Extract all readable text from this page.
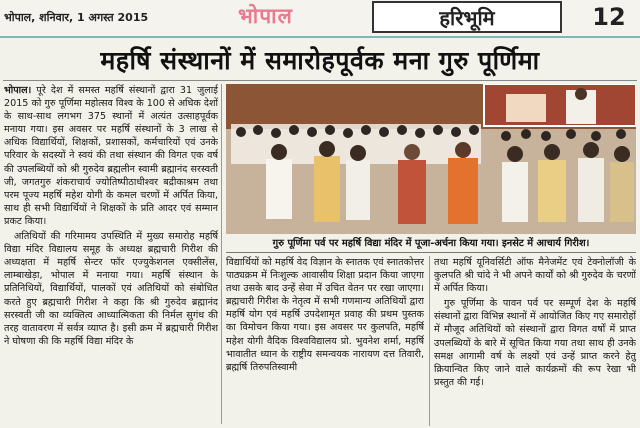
भोपाल, शनिवार, 1 अगस्त 2015	भोपाल	हरिभूमि	12
महर्षि संस्थानों में समारोहपूर्वक मना गुरु पूर्णिमा

भोपाल। पूरे देश में समस्त महर्षि संस्थानों द्वारा 31 जुलाई 2015 को गुरु पूर्णिमा महोत्सव विश्व के 100 से अधिक देशों के साथ-साथ लगभग 375 स्थानों में अत्यंत उत्साहपूर्वक मनाया गया। इस अवसर पर महर्षि संस्थानों के 3 लाख से अधिक विद्यार्थियों, शिक्षकों, प्रशासकों, कर्मचारियों एवं उनके परिवार के सदस्यों ने स्वयं की तथा संस्थान की विगत एक वर्ष की उपलब्धियों को श्री गुरुदेव ब्रह्मलीन स्वामी ब्रह्मानंद सरस्वती जी, जगतगुरु शंकराचार्य ज्योतिष्पीठाधीश्वर बद्रीकाश्रम तथा परम पूज्य महर्षि महेश योगी के कमल चरणों में अर्पित किया, साथ ही सभी विद्यार्थियों ने शिक्षकों के प्रति आदर एवं सम्मान प्रकट किया।

अतिथियों की गरिमामय उपस्थिति में मुख्य समारोह महर्षि विद्या मंदिर विद्यालय समूह के अध्यक्ष ब्रह्मचारी गिरीश की अध्यक्षता में महर्षि सेन्टर फॉर एज्युकेशनल एक्सीलेंस, लाम्बाखेड़ा, भोपाल में मनाया गया। महर्षि संस्थान के प्रतिनिधियों, विद्यार्थियों, पालकों एवं अतिथियों को संबोधित करते हुए ब्रह्मचारी गिरीश ने कहा कि श्री गुरुदेव ब्रह्मानंद सरस्वती जी का व्यक्तित्व आध्यात्मिकता की निर्मल सुगंध की तरह वातावरण में सर्वत्र व्याप्त है। इसी क्रम में ब्रह्मचारी गिरीश ने घोषणा की कि महर्षि विद्या मंदिर के

गुरु पूर्णिमा पर्व पर महर्षि विद्या मंदिर में पूजा-अर्चना किया गया। इनसेट में आचार्य गिरीश।

विद्यार्थियों को महर्षि वेद विज्ञान के स्नातक एवं स्नातकोत्तर पाठ्यक्रम में निःशुल्क आवासीय शिक्षा प्रदान किया जाएगा तथा उसके बाद उन्हें सेवा में उचित वेतन पर रखा जाएगा। ब्रह्मचारी गिरीश के नेतृत्व में सभी गणमान्य अतिथियों द्वारा महर्षि योग एवं महर्षि उपदेशामृत प्रवाह की प्रथम पुस्तक का विमोचन किया गया। इस अवसर पर कुलपति, महर्षि महेश योगी वैदिक विश्वविद्यालय प्रो. भुवनेश शर्मा, महर्षि भावातीत ध्यान के राष्ट्रीय समन्वयक नारायण दत्त तिवारी, ब्रह्मर्षि तिरुपतिस्वामी

तथा महर्षि यूनिवर्सिटी ऑफ मैनेजमेंट एवं टेक्नोलॉजी के कुलपति श्री चांदे ने भी अपने कार्यों को श्री गुरुदेव के चरणों में अर्पित किया।

गुरु पूर्णिमा के पावन पर्व पर सम्पूर्ण देश के महर्षि संस्थानों द्वारा विभिन्न स्थानों में आयोजित किए गए समारोहों में मौजूद अतिथियों को संस्थानों द्वारा विगत वर्षों में प्राप्त उपलब्धियों के बारे में सूचित किया गया तथा साथ ही उनके समक्ष आगामी वर्ष के लक्ष्यों एवं उन्हें प्राप्त करने हेतु क्रियान्वित किए जाने वाले कार्यक्रमों की रूप रेखा भी प्रस्तुत की गई।
